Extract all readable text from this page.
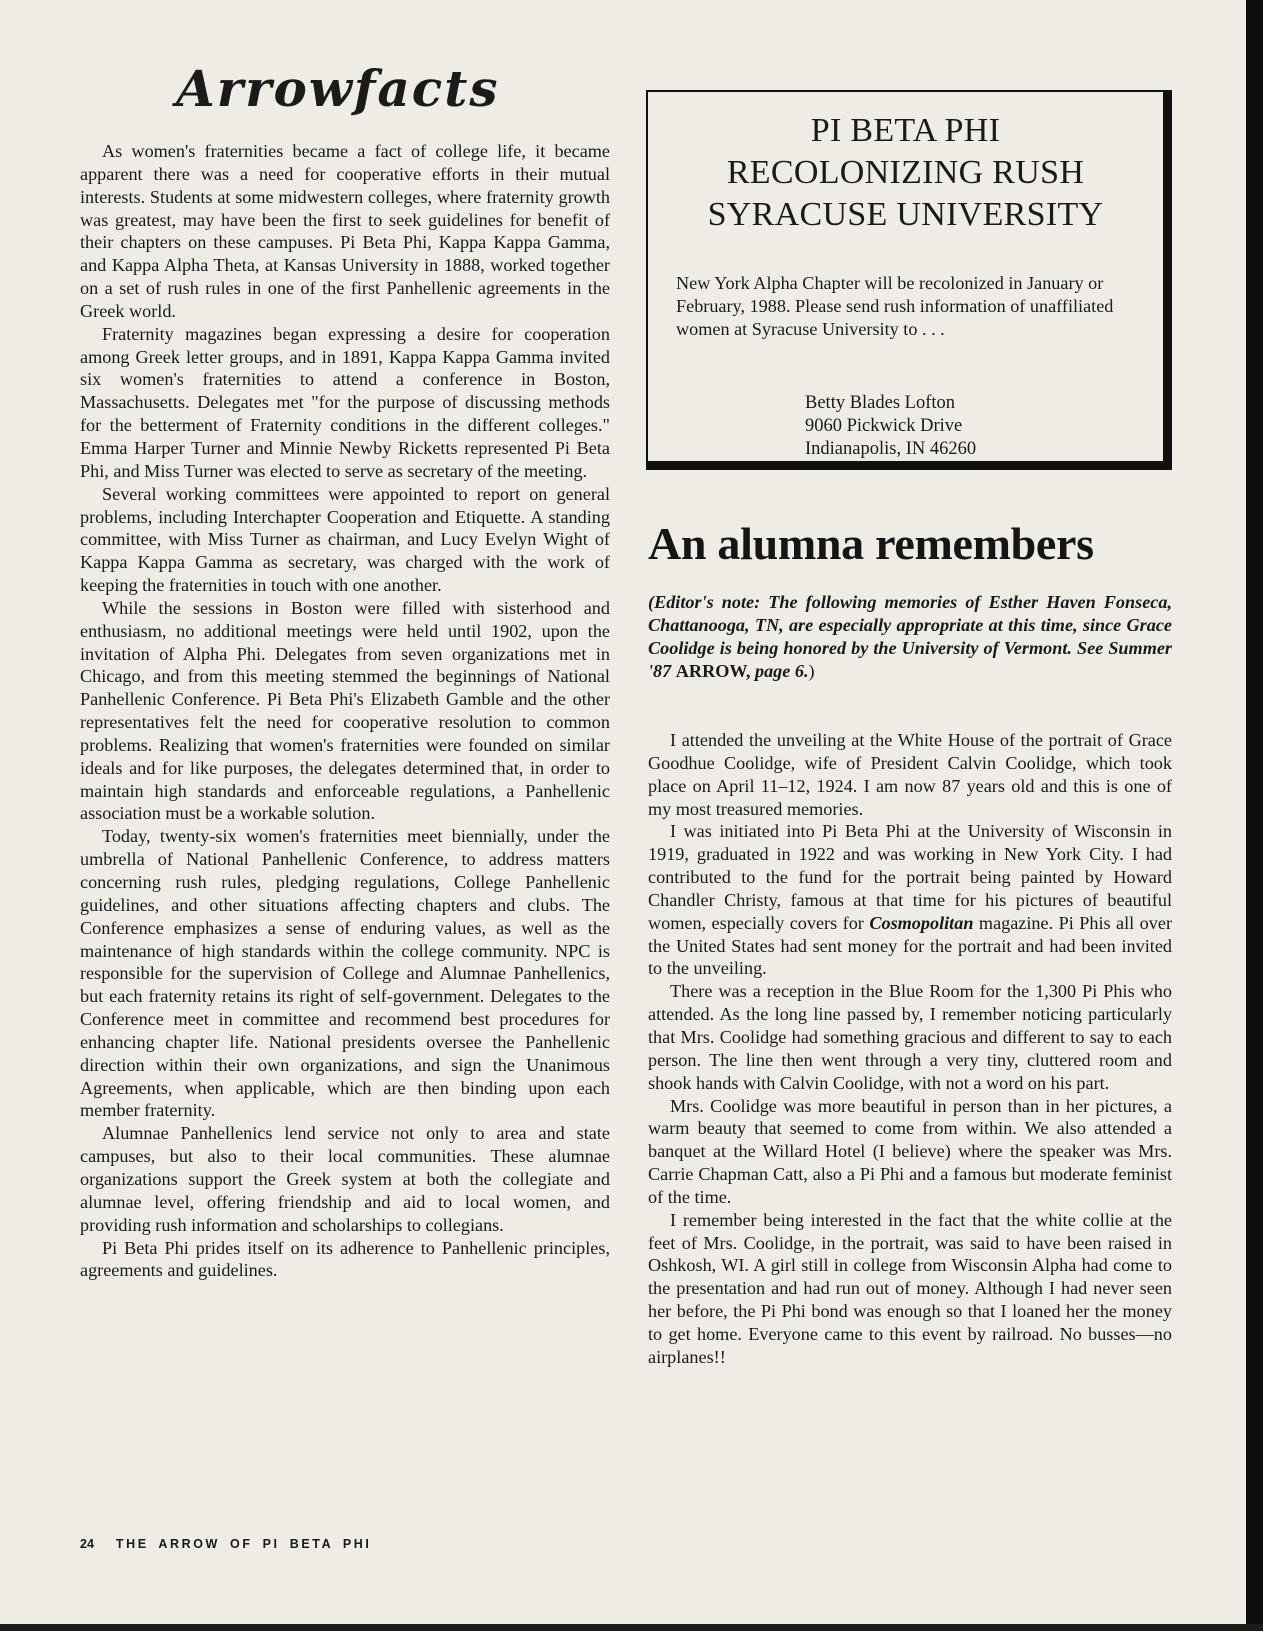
Arrowfacts

As women's fraternities became a fact of college life, it became apparent there was a need for cooperative efforts in their mutual interests. Students at some midwestern colleges, where fraternity growth was greatest, may have been the first to seek guidelines for benefit of their chapters on these campuses. Pi Beta Phi, Kappa Kappa Gamma, and Kappa Alpha Theta, at Kansas University in 1888, worked together on a set of rush rules in one of the first Panhellenic agreements in the Greek world.

Fraternity magazines began expressing a desire for cooperation among Greek letter groups, and in 1891, Kappa Kappa Gamma invited six women's fraternities to attend a conference in Boston, Massachusetts. Delegates met "for the purpose of discussing methods for the betterment of Fraternity conditions in the different colleges." Emma Harper Turner and Minnie Newby Ricketts represented Pi Beta Phi, and Miss Turner was elected to serve as secretary of the meeting.

Several working committees were appointed to report on general problems, including Interchapter Cooperation and Etiquette. A standing committee, with Miss Turner as chairman, and Lucy Evelyn Wight of Kappa Kappa Gamma as secretary, was charged with the work of keeping the fraternities in touch with one another.

While the sessions in Boston were filled with sisterhood and enthusiasm, no additional meetings were held until 1902, upon the invitation of Alpha Phi. Delegates from seven organizations met in Chicago, and from this meeting stemmed the beginnings of National Panhellenic Conference. Pi Beta Phi's Elizabeth Gamble and the other representatives felt the need for cooperative resolution to common problems. Realizing that women's fraternities were founded on similar ideals and for like purposes, the delegates determined that, in order to maintain high standards and enforceable regulations, a Panhellenic association must be a workable solution.

Today, twenty-six women's fraternities meet biennially, under the umbrella of National Panhellenic Conference, to address matters concerning rush rules, pledging regulations, College Panhellenic guidelines, and other situations affecting chapters and clubs. The Conference emphasizes a sense of enduring values, as well as the maintenance of high standards within the college community. NPC is responsible for the supervision of College and Alumnae Panhellenics, but each fraternity retains its right of self-government. Delegates to the Conference meet in committee and recommend best procedures for enhancing chapter life. National presidents oversee the Panhellenic direction within their own organizations, and sign the Unanimous Agreements, when applicable, which are then binding upon each member fraternity.

Alumnae Panhellenics lend service not only to area and state campuses, but also to their local communities. These alumnae organizations support the Greek system at both the collegiate and alumnae level, offering friendship and aid to local women, and providing rush information and scholarships to collegians.

Pi Beta Phi prides itself on its adherence to Panhellenic principles, agreements and guidelines.

PI BETA PHI
RECOLONIZING RUSH
SYRACUSE UNIVERSITY
New York Alpha Chapter will be recolonized in January or February, 1988. Please send rush information of unaffiliated women at Syracuse University to . . .
Betty Blades Lofton
9060 Pickwick Drive
Indianapolis, IN 46260
An alumna remembers
(Editor's note: The following memories of Esther Haven Fonseca, Chattanooga, TN, are especially appropriate at this time, since Grace Coolidge is being honored by the University of Vermont. See Summer '87 ARROW, page 6.)

I attended the unveiling at the White House of the portrait of Grace Goodhue Coolidge, wife of President Calvin Coolidge, which took place on April 11–12, 1924. I am now 87 years old and this is one of my most treasured memories.

I was initiated into Pi Beta Phi at the University of Wisconsin in 1919, graduated in 1922 and was working in New York City. I had contributed to the fund for the portrait being painted by Howard Chandler Christy, famous at that time for his pictures of beautiful women, especially covers for Cosmopolitan magazine. Pi Phis all over the United States had sent money for the portrait and had been invited to the unveiling.

There was a reception in the Blue Room for the 1,300 Pi Phis who attended. As the long line passed by, I remember noticing particularly that Mrs. Coolidge had something gracious and different to say to each person. The line then went through a very tiny, cluttered room and shook hands with Calvin Coolidge, with not a word on his part.

Mrs. Coolidge was more beautiful in person than in her pictures, a warm beauty that seemed to come from within. We also attended a banquet at the Willard Hotel (I believe) where the speaker was Mrs. Carrie Chapman Catt, also a Pi Phi and a famous but moderate feminist of the time.

I remember being interested in the fact that the white collie at the feet of Mrs. Coolidge, in the portrait, was said to have been raised in Oshkosh, WI. A girl still in college from Wisconsin Alpha had come to the presentation and had run out of money. Although I had never seen her before, the Pi Phi bond was enough so that I loaned her the money to get home. Everyone came to this event by railroad. No busses—no airplanes!!

24 THE ARROW OF PI BETA PHI
